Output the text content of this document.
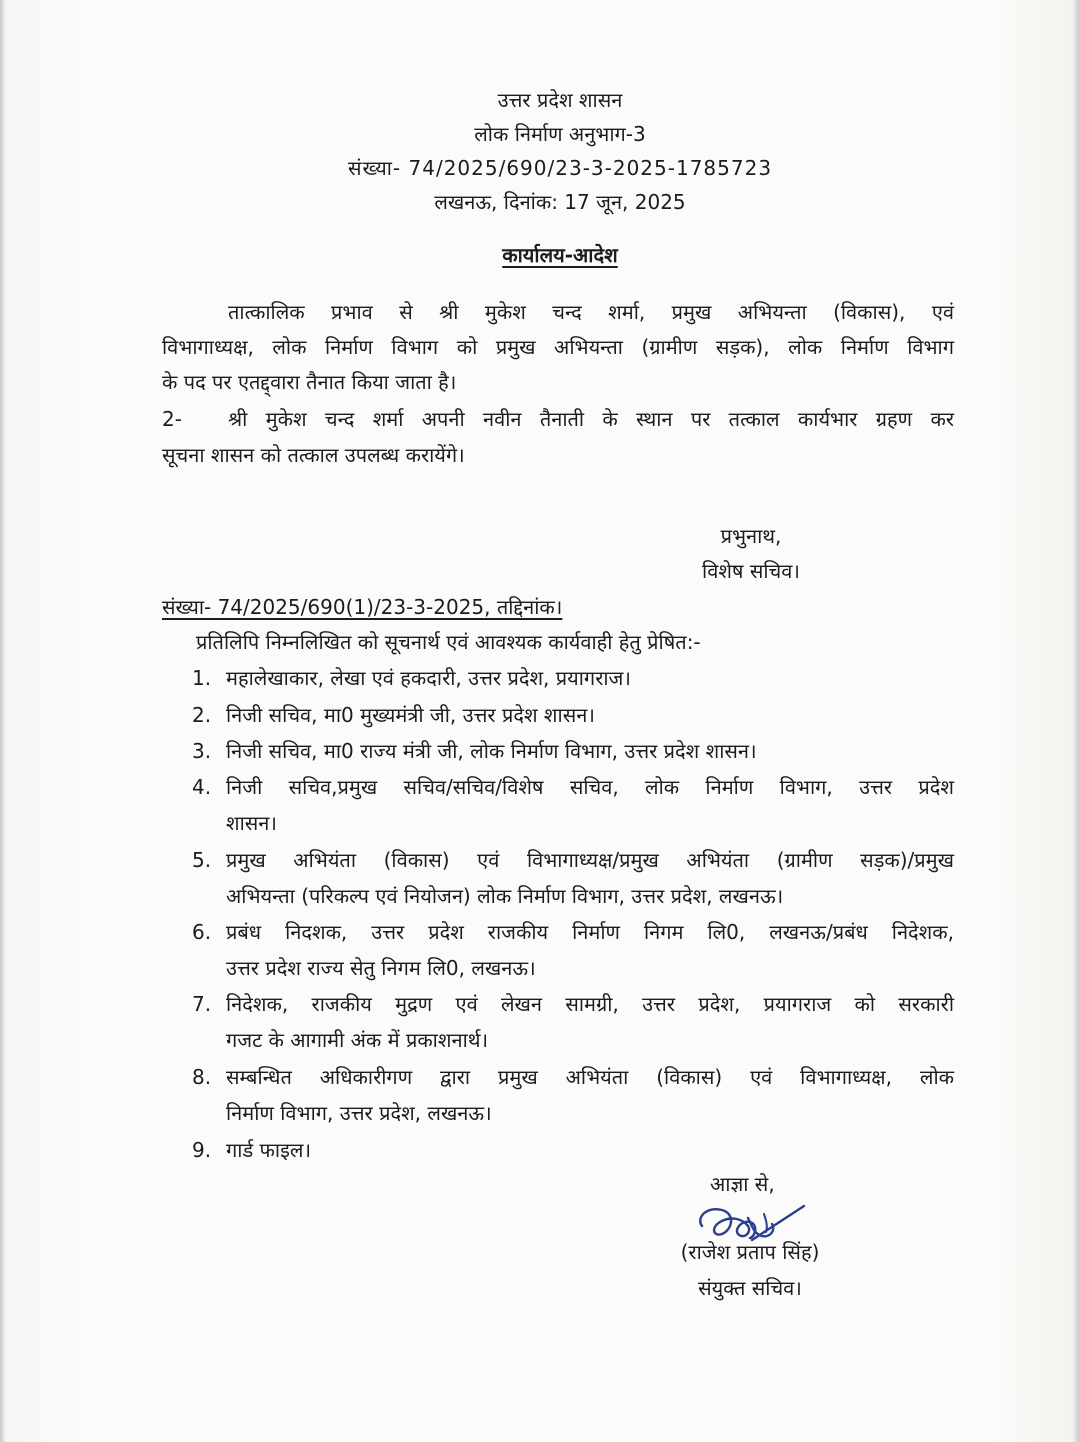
उत्तर प्रदेश शासन
लोक निर्माण अनुभाग-3
संख्या- 74/2025/690/23-3-2025-1785723
लखनऊ, दिनांक: 17 जून, 2025
कार्यालय-आदेश
तात्कालिक प्रभाव से श्री मुकेश चन्द शर्मा, प्रमुख अभियन्ता (विकास), एवं
विभागाध्यक्ष, लोक निर्माण विभाग को प्रमुख अभियन्ता (ग्रामीण सड़क), लोक निर्माण विभाग
के पद पर एतद्द्वारा तैनात किया जाता है।
2- श्री मुकेश चन्द शर्मा अपनी नवीन तैनाती के स्थान पर तत्काल कार्यभार ग्रहण कर
सूचना शासन को तत्काल उपलब्ध करायेंगे।
प्रभुनाथ,
विशेष सचिव।
संख्या- 74/2025/690(1)/23-3-2025, तद्दिनांक।
प्रतिलिपि निम्नलिखित को सूचनार्थ एवं आवश्यक कार्यवाही हेतु प्रेषित:-
1. महालेखाकार, लेखा एवं हकदारी, उत्तर प्रदेश, प्रयागराज।
2. निजी सचिव, मा0 मुख्यमंत्री जी, उत्तर प्रदेश शासन।
3. निजी सचिव, मा0 राज्य मंत्री जी, लोक निर्माण विभाग, उत्तर प्रदेश शासन।
4. निजी सचिव,प्रमुख सचिव/सचिव/विशेष सचिव, लोक निर्माण विभाग, उत्तर प्रदेश
शासन।
5. प्रमुख अभियंता (विकास) एवं विभागाध्यक्ष/प्रमुख अभियंता (ग्रामीण सड़क)/प्रमुख
अभियन्ता (परिकल्प एवं नियोजन) लोक निर्माण विभाग, उत्तर प्रदेश, लखनऊ।
6. प्रबंध निदशक, उत्तर प्रदेश राजकीय निर्माण निगम लि0, लखनऊ/प्रबंध निदेशक,
उत्तर प्रदेश राज्य सेतु निगम लि0, लखनऊ।
7. निदेशक, राजकीय मुद्रण एवं लेखन सामग्री, उत्तर प्रदेश, प्रयागराज को सरकारी
गजट के आगामी अंक में प्रकाशनार्थ।
8. सम्बन्धित अधिकारीगण द्वारा प्रमुख अभियंता (विकास) एवं विभागाध्यक्ष, लोक
निर्माण विभाग, उत्तर प्रदेश, लखनऊ।
9. गार्ड फाइल।
आज्ञा से,
(राजेश प्रताप सिंह)
संयुक्त सचिव।
